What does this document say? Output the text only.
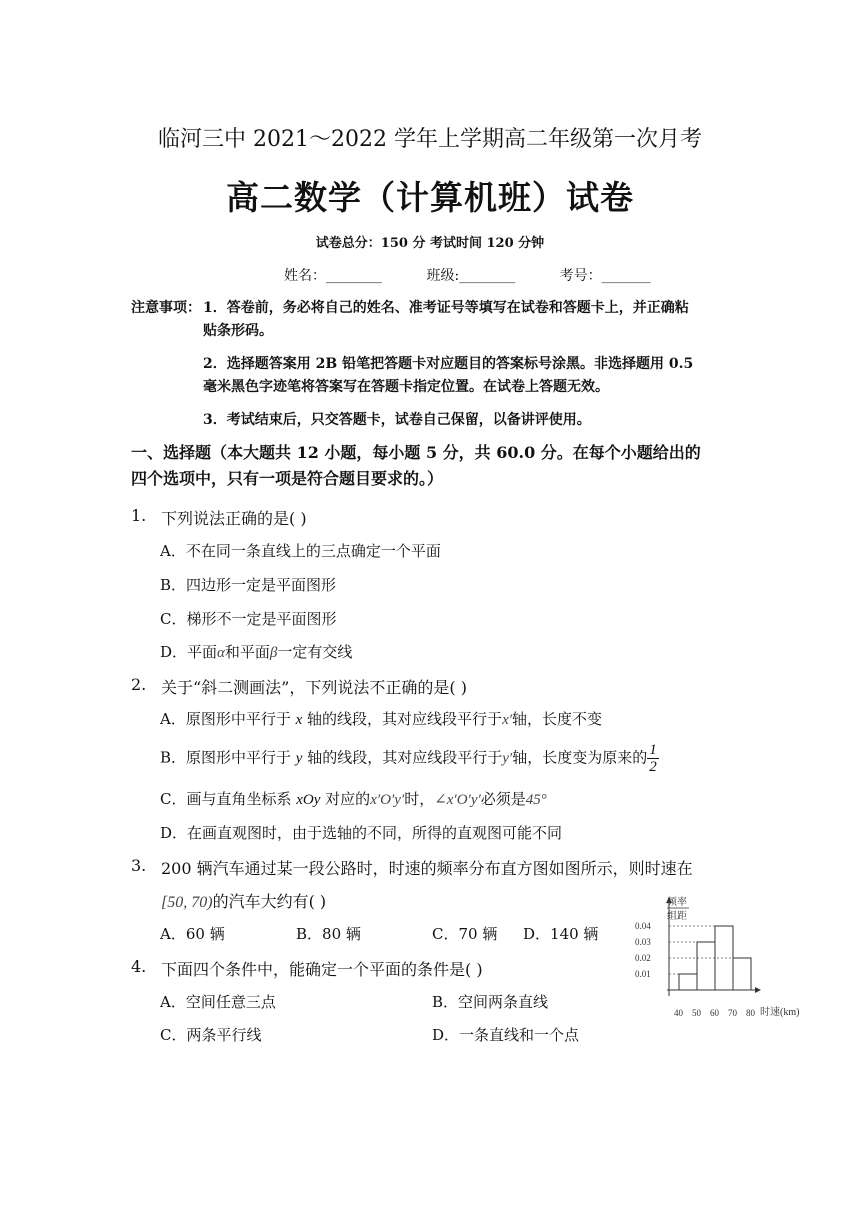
临河三中 2021～2022 学年上学期高二年级第一次月考
高二数学（计算机班）试卷
试卷总分：150 分 考试时间 120 分钟
姓名：________	班级:________	考号：_______
注意事项： 1．答卷前，务必将自己的姓名、准考证号等填写在试卷和答题卡上，并正确粘
贴条形码。
2．选择题答案用 2B 铅笔把答题卡对应题目的答案标号涂黑。非选择题用 0.5
毫米黑色字迹笔将答案写在答题卡指定位置。在试卷上答题无效。
3．考试结束后，只交答题卡，试卷自己保留，以备讲评使用。
一、选择题（本大题共 12 小题，每小题 5 分，共 60.0 分。在每个小题给出的
四个选项中，只有一项是符合题目要求的。）
1. 下列说法正确的是( )
A．不在同一条直线上的三点确定一个平面
B．四边形一定是平面图形
C．梯形不一定是平面图形
D．平面α和平面β一定有交线
2. 关于“斜二测画法”，下列说法不正确的是( )
A．原图形中平行于 x 轴的线段，其对应线段平行于x′轴，长度不变
B．原图形中平行于 y 轴的线段，其对应线段平行于y′轴，长度变为原来的 $\frac{1}{2}$
C．画与直角坐标系 xOy 对应的x′O′y′时，∠x′O′y′必须是45°
D．在画直观图时，由于选轴的不同，所得的直观图可能不同
3. 200 辆汽车通过某一段公路时，时速的频率分布直方图如图所示，则时速在
[50, 70)的汽车大约有( )
A．60 辆	B．80 辆	C．70 辆 D．140 辆
4. 下面四个条件中，能确定一个平面的条件是( )
A．空间任意三点	B．空间两条直线
C．两条平行线	D．一条直线和一个点
频率
组距
0.01
0.02
0.03
0.04
40 50 60 70 80 时速(km)
